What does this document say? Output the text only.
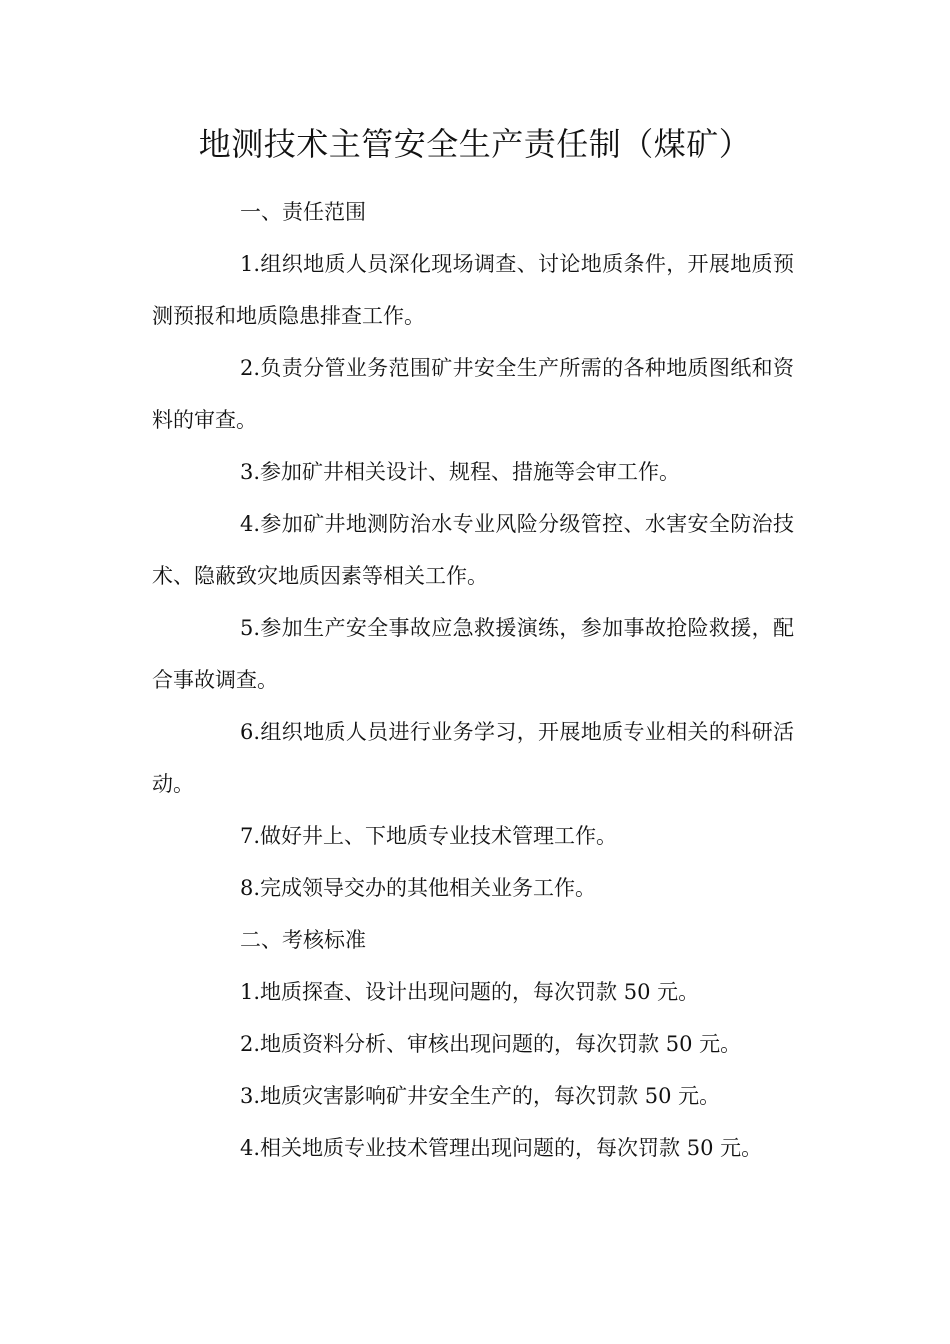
地测技术主管安全生产责任制（煤矿）

一、责任范围

1.组织地质人员深化现场调查、讨论地质条件，开展地质预测预报和地质隐患排查工作。

2.负责分管业务范围矿井安全生产所需的各种地质图纸和资料的审查。

3.参加矿井相关设计、规程、措施等会审工作。

4.参加矿井地测防治水专业风险分级管控、水害安全防治技术、隐蔽致灾地质因素等相关工作。

5.参加生产安全事故应急救援演练，参加事故抢险救援，配合事故调查。

6.组织地质人员进行业务学习，开展地质专业相关的科研活动。

7.做好井上、下地质专业技术管理工作。

8.完成领导交办的其他相关业务工作。

二、考核标准

1.地质探查、设计出现问题的，每次罚款 50 元。

2.地质资料分析、审核出现问题的，每次罚款 50 元。

3.地质灾害影响矿井安全生产的，每次罚款 50 元。

4.相关地质专业技术管理出现问题的，每次罚款 50 元。
